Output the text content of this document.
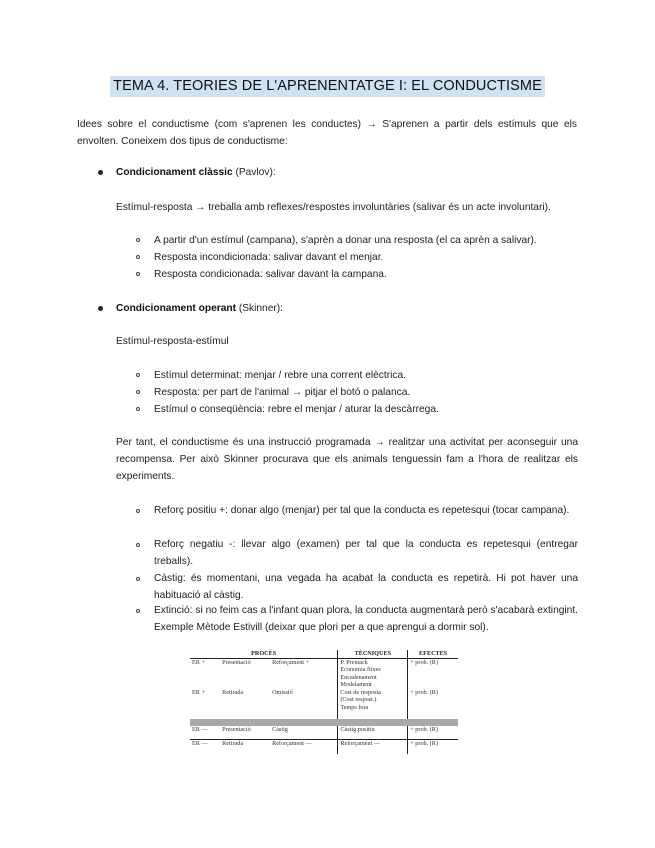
TEMA 4. TEORIES DE L'APRENENTATGE I: EL CONDUCTISME

Idees sobre el conductisme (com s'aprenen les conductes) → S'aprenen a partir dels estímuls que els envolten. Coneixem dos tipus de conductisme:

Condicionament clàssic (Pavlov):

Estímul-resposta → treballa amb reflexes/respostes involuntàries (salivar és un acte involuntari).

A partir d'un estímul (campana), s'aprèn a donar una resposta (el ca aprèn a salivar).
Resposta incondicionada: salivar davant el menjar.
Resposta condicionada: salivar davant la campana.
Condicionament operant (Skinner):

Estímul-resposta-estímul

Estímul determinat: menjar / rebre una corrent elèctrica.
Resposta: per part de l'animal → pitjar el botó o palanca.
Estímul o conseqüència: rebre el menjar / aturar la descàrrega.

Per tant, el conductisme és una instrucció programada → realitzar una activitat per aconseguir una recompensa. Per això Skinner procurava que els animals tenguessin fam a l'hora de realitzar els experiments.

Reforç positiu +: donar algo (menjar) per tal que la conducta es repetesqui (tocar campana).

Reforç negatiu -: llevar algo (examen) per tal que la conducta es repetesqui (entregar treballs).

Càstig: és momentani, una vegada ha acabat la conducta es repetirà. Hi pot haver una habituació al càstig.

Extinció: si no feim cas a l'infant quan plora, la conducta augmentarà però s'acabarà extingint. Exemple Mètode Estivill (deixar que plori per a que aprengui a dormir sol).

PROCÉS			TÈCNIQUES	EFECTES
ER +	Presentació	Reforçament +	P. Premack
Economia fitxes
Encadenament
Modelament	+ prob. (R)
ER +	Retirada	Omissió	Cost de resposta
(Cost respost.)
Temps fora	+ prob. (R)

ER —	Presentació	Càstig	Càstig positiu	+ prob. (R)
ER —	Retirada	Reforçament —	Reforçament —	+ prob. (R)
